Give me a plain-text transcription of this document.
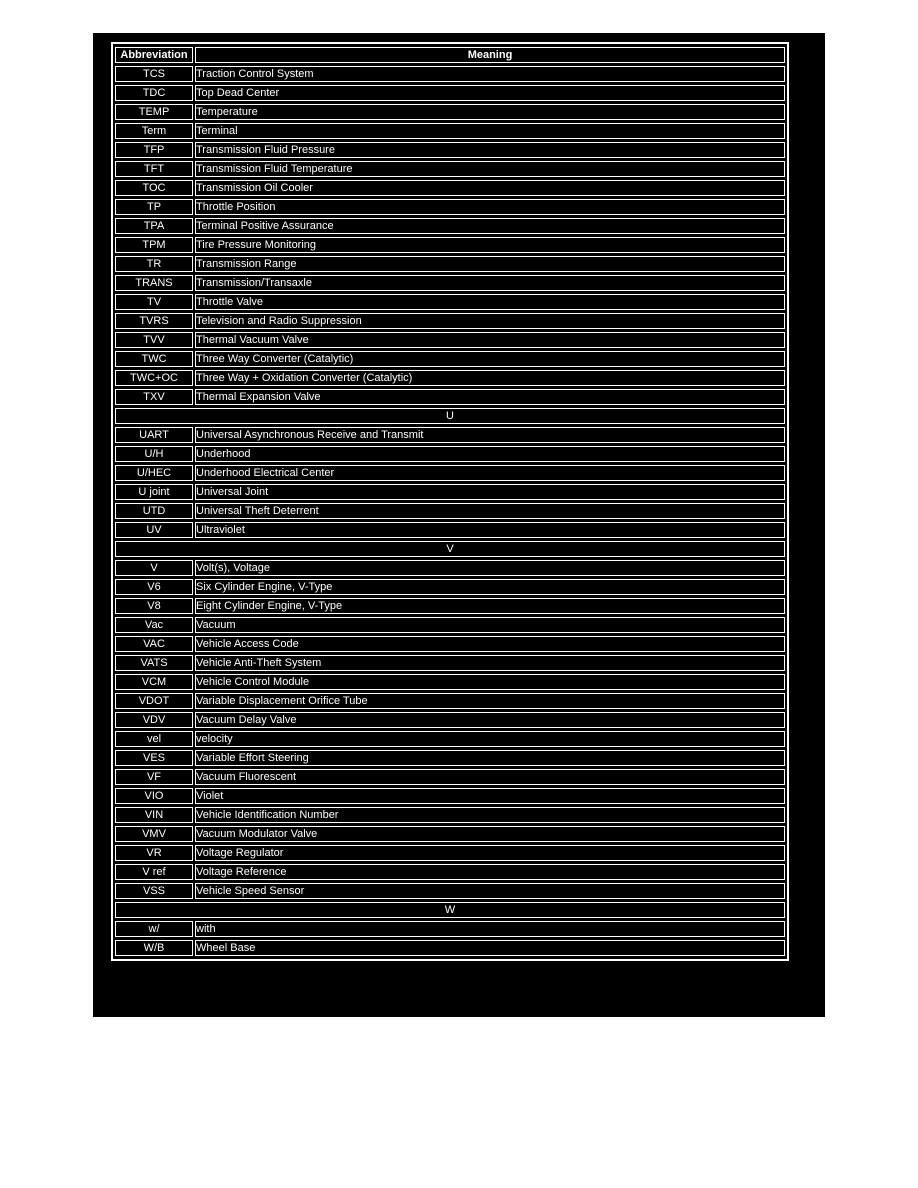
Abbreviation	Meaning
TCS	Traction Control System
TDC	Top Dead Center
TEMP	Temperature
Term	Terminal
TFP	Transmission Fluid Pressure
TFT	Transmission Fluid Temperature
TOC	Transmission Oil Cooler
TP	Throttle Position
TPA	Terminal Positive Assurance
TPM	Tire Pressure Monitoring
TR	Transmission Range
TRANS	Transmission/Transaxle
TV	Throttle Valve
TVRS	Television and Radio Suppression
TVV	Thermal Vacuum Valve
TWC	Three Way Converter (Catalytic)
TWC+OC	Three Way + Oxidation Converter (Catalytic)
TXV	Thermal Expansion Valve
U	
UART	Universal Asynchronous Receive and Transmit
U/H	Underhood
U/HEC	Underhood Electrical Center
U joint	Universal Joint
UTD	Universal Theft Deterrent
UV	Ultraviolet
V	
V	Volt(s), Voltage
V6	Six Cylinder Engine, V-Type
V8	Eight Cylinder Engine, V-Type
Vac	Vacuum
VAC	Vehicle Access Code
VATS	Vehicle Anti-Theft System
VCM	Vehicle Control Module
VDOT	Variable Displacement Orifice Tube
VDV	Vacuum Delay Valve
vel	velocity
VES	Variable Effort Steering
VF	Vacuum Fluorescent
VIO	Violet
VIN	Vehicle Identification Number
VMV	Vacuum Modulator Valve
VR	Voltage Regulator
V ref	Voltage Reference
VSS	Vehicle Speed Sensor
W	
w/	with
W/B	Wheel Base
